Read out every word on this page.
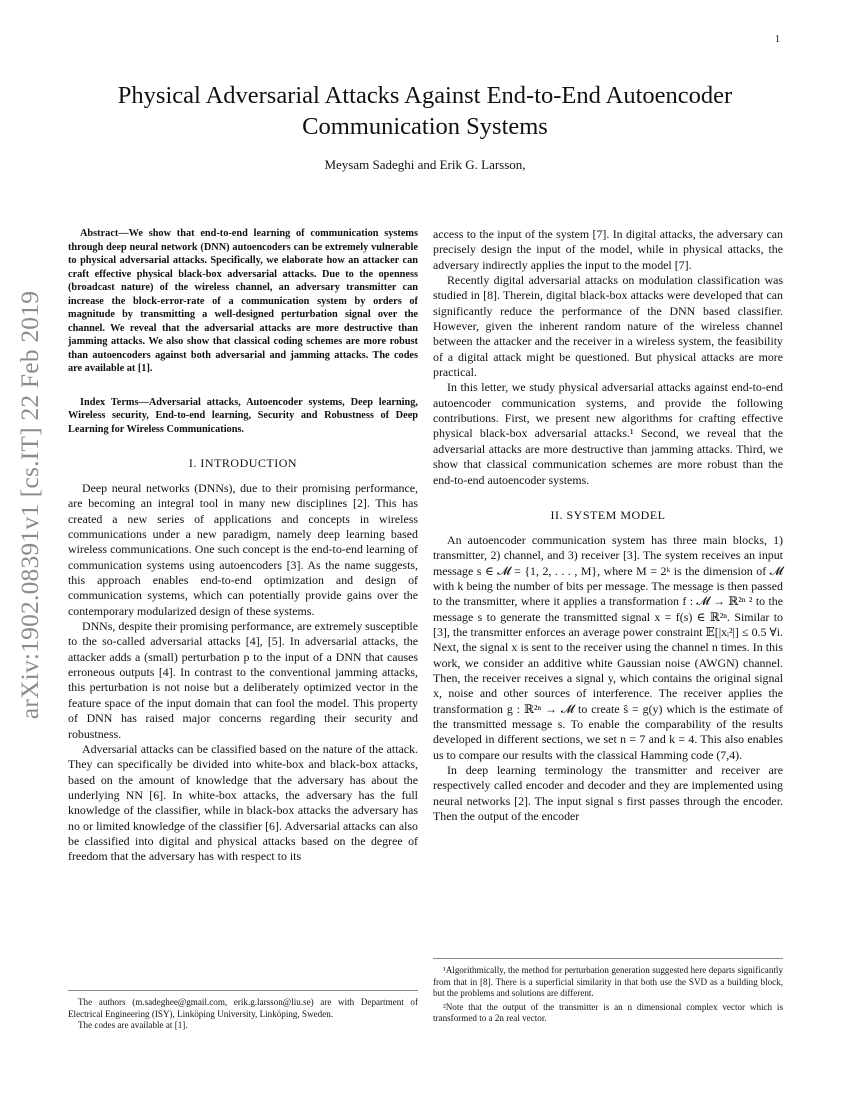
1
arXiv:1902.08391v1 [cs.IT] 22 Feb 2019
Physical Adversarial Attacks Against End-to-End Autoencoder Communication Systems
Meysam Sadeghi and Erik G. Larsson,

Abstract—We show that end-to-end learning of communication systems through deep neural network (DNN) autoencoders can be extremely vulnerable to physical adversarial attacks. Specifically, we elaborate how an attacker can craft effective physical black-box adversarial attacks. Due to the openness (broadcast nature) of the wireless channel, an adversary transmitter can increase the block-error-rate of a communication system by orders of magnitude by transmitting a well-designed perturbation signal over the channel. We reveal that the adversarial attacks are more destructive than jamming attacks. We also show that classical coding schemes are more robust than autoencoders against both adversarial and jamming attacks. The codes are available at [1].

Index Terms—Adversarial attacks, Autoencoder systems, Deep learning, Wireless security, End-to-end learning, Security and Robustness of Deep Learning for Wireless Communications.

I. INTRODUCTION

Deep neural networks (DNNs), due to their promising performance, are becoming an integral tool in many new disciplines [2]. This has created a new series of applications and concepts in wireless communications under a new paradigm, namely deep learning based wireless communications. One such concept is the end-to-end learning of communication systems using autoencoders [3]. As the name suggests, this approach enables end-to-end optimization and design of communication systems, which can potentially provide gains over the contemporary modularized design of these systems.

DNNs, despite their promising performance, are extremely susceptible to the so-called adversarial attacks [4], [5]. In adversarial attacks, the attacker adds a (small) perturbation p to the input of a DNN that causes erroneous outputs [4]. In contrast to the conventional jamming attacks, this perturbation is not noise but a deliberately optimized vector in the feature space of the input domain that can fool the model. This property of DNN has raised major concerns regarding their security and robustness.

Adversarial attacks can be classified based on the nature of the attack. They can specifically be divided into white-box and black-box attacks, based on the amount of knowledge that the adversary has about the underlying NN [6]. In white-box attacks, the adversary has the full knowledge of the classifier, while in black-box attacks the adversary has no or limited knowledge of the classifier [6]. Adversarial attacks can also be classified into digital and physical attacks based on the degree of freedom that the adversary has with respect to its

access to the input of the system [7]. In digital attacks, the adversary can precisely design the input of the model, while in physical attacks, the adversary indirectly applies the input to the model [7].

Recently digital adversarial attacks on modulation classification was studied in [8]. Therein, digital black-box attacks were developed that can significantly reduce the performance of the DNN based classifier. However, given the inherent random nature of the wireless channel between the attacker and the receiver in a wireless system, the feasibility of a digital attack might be questioned. But physical attacks are more practical.

In this letter, we study physical adversarial attacks against end-to-end autoencoder communication systems, and provide the following contributions. First, we present new algorithms for crafting effective physical black-box adversarial attacks.¹ Second, we reveal that the adversarial attacks are more destructive than jamming attacks. Third, we show that classical communication schemes are more robust than the end-to-end autoencoder systems.

II. SYSTEM MODEL

An autoencoder communication system has three main blocks, 1) transmitter, 2) channel, and 3) receiver [3]. The system receives an input message s ∈ 𝓜 = {1, 2, . . . , M}, where M = 2ᵏ is the dimension of 𝓜 with k being the number of bits per message. The message is then passed to the transmitter, where it applies a transformation f : 𝓜 → ℝ²ⁿ ² to the message s to generate the transmitted signal x = f(s) ∈ ℝ²ⁿ. Similar to [3], the transmitter enforces an average power constraint 𝔼[|xᵢ²|] ≤ 0.5 ∀i. Next, the signal x is sent to the receiver using the channel n times. In this work, we consider an additive white Gaussian noise (AWGN) channel. Then, the receiver receives a signal y, which contains the original signal x, noise and other sources of interference. The receiver applies the transformation g : ℝ²ⁿ → 𝓜 to create ŝ = g(y) which is the estimate of the transmitted message s. To enable the comparability of the results developed in different sections, we set n = 7 and k = 4. This also enables us to compare our results with the classical Hamming code (7,4).

In deep learning terminology the transmitter and receiver are respectively called encoder and decoder and they are implemented using neural networks [2]. The input signal s first passes through the encoder. Then the output of the encoder

The authors (m.sadeghee@gmail.com, erik.g.larsson@liu.se) are with Department of Electrical Engineering (ISY), Linköping University, Linköping, Sweden.

The codes are available at [1].

¹Algorithmically, the method for perturbation generation suggested here departs significantly from that in [8]. There is a superficial similarity in that both use the SVD as a building block, but the problems and solutions are different.

²Note that the output of the transmitter is an n dimensional complex vector which is transformed to a 2n real vector.
